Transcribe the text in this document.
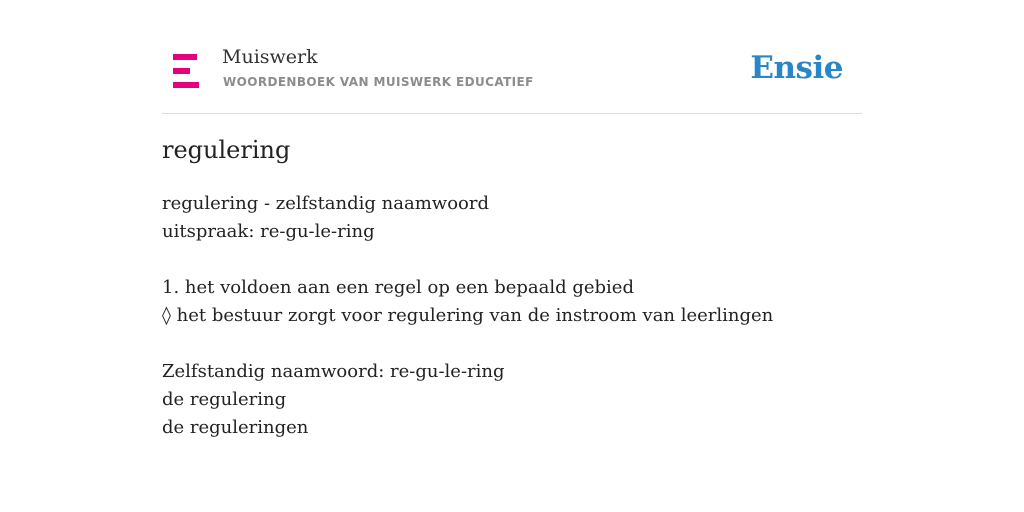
Muiswerk
WOORDENBOEK VAN MUISWERK EDUCATIEF	Ensie
regulering
regulering - zelfstandig naamwoord
uitspraak: re-gu-le-ring
1. het voldoen aan een regel op een bepaald gebied
◊ het bestuur zorgt voor regulering van de instroom van leerlingen
Zelfstandig naamwoord: re-gu-le-ring
de regulering
de reguleringen
